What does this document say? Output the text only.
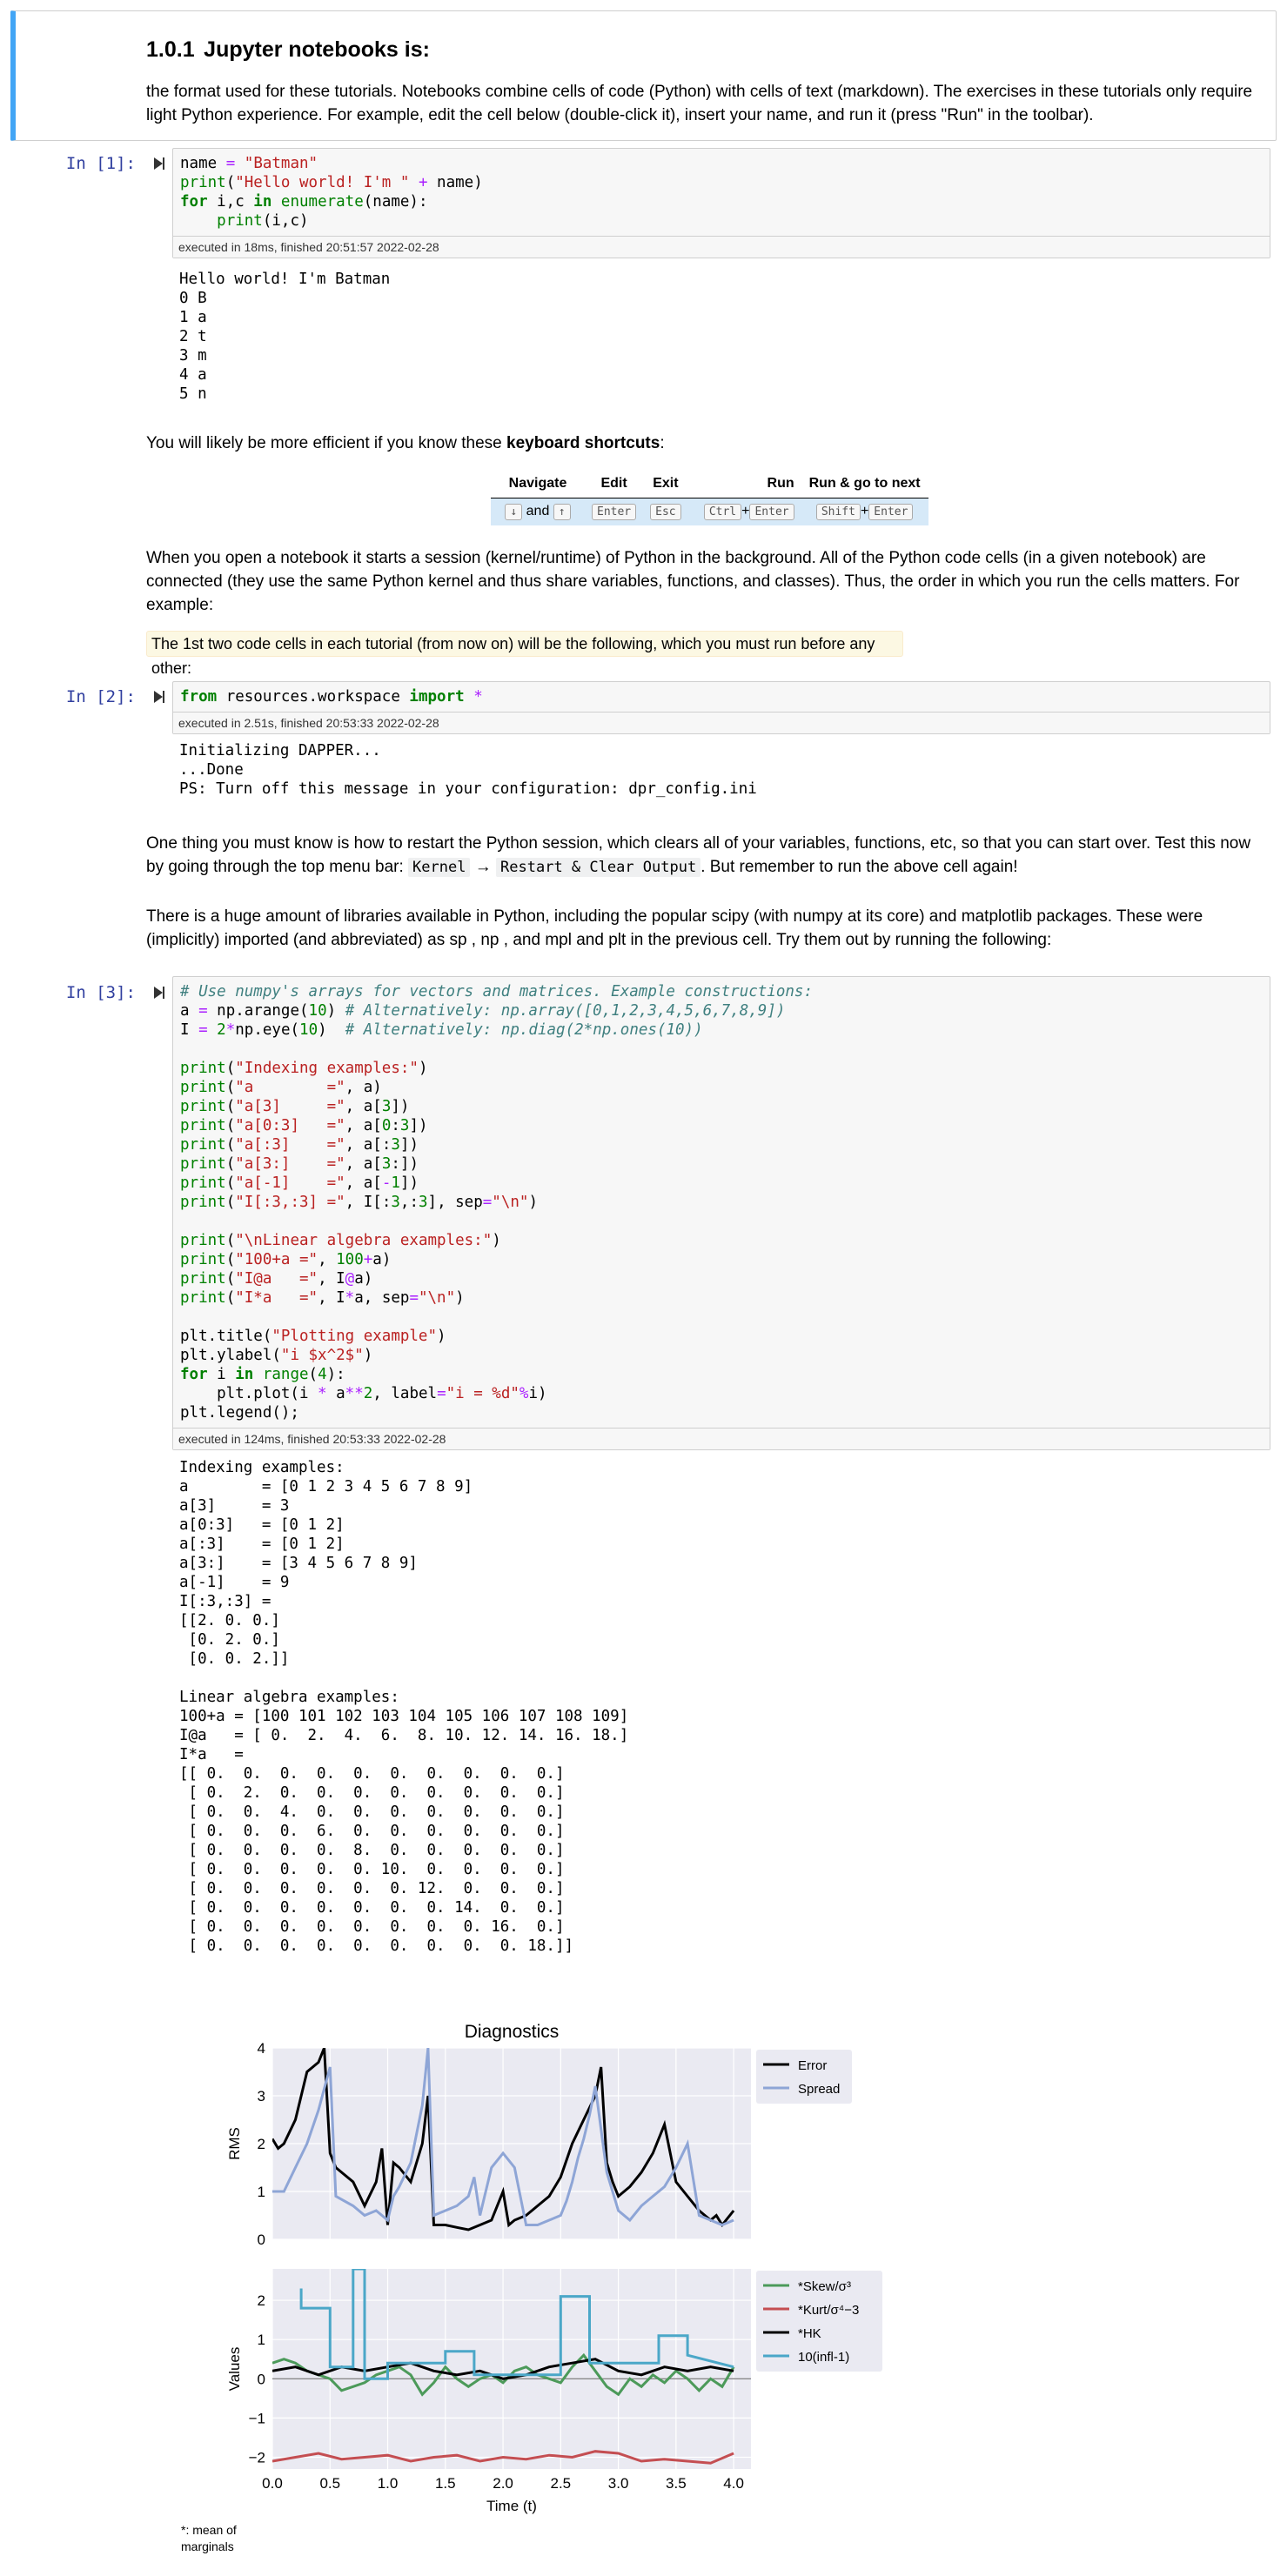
1.0.1 Jupyter notebooks is:
the format used for these tutorials. Notebooks combine cells of code (Python) with cells of text (markdown). The exercises in these tutorials only require
light Python experience. For example, edit the cell below (double-click it), insert your name, and run it (press "Run" in the toolbar).
In [1]:	name = "Batman"
print("Hello world! I'm " + name)
for i,c in enumerate(name):
print(i,c)
executed in 18ms, finished 20:51:57 2022-02-28
Hello world! I'm Batman
0 B
1 a
2 t
3 m
4 a
5 n
You will likely be more efficient if you know these keyboard shortcuts:
Navigate	Edit	Exit	Run	Run & go to next
↓ and ↑	Enter	Esc	Ctrl + Enter	Shift + Enter
When you open a notebook it starts a session (kernel/runtime) of Python in the background. All of the Python code cells (in a given notebook) are
connected (they use the same Python kernel and thus share variables, functions, and classes). Thus, the order in which you run the cells matters. For
example:
The 1st two code cells in each tutorial (from now on) will be the following, which you must run before any other:
In [2]:	from resources.workspace import *
executed in 2.51s, finished 20:53:33 2022-02-28
Initializing DAPPER...
...Done
PS: Turn off this message in your configuration: dpr_config.ini
One thing you must know is how to restart the Python session, which clears all of your variables, functions, etc, so that you can start over. Test this now
by going through the top menu bar: Kernel → Restart & Clear Output . But remember to run the above cell again!
There is a huge amount of libraries available in Python, including the popular scipy (with numpy at its core) and matplotlib packages. These were
(implicitly) imported (and abbreviated) as sp , np , and mpl and plt in the previous cell. Try them out by running the following:
In [3]:	# Use numpy's arrays for vectors and matrices. Example constructions:
a = np.arange(10) # Alternatively: np.array([0,1,2,3,4,5,6,7,8,9])
I = 2*np.eye(10)  # Alternatively: np.diag(2*np.ones(10))

print("Indexing examples:")
print("a        =", a)
print("a[3]     =", a[3])
print("a[0:3]   =", a[0:3])
print("a[:3]    =", a[:3])
print("a[3:]    =", a[3:])
print("a[-1]    =", a[-1])
print("I[:3,:3] =", I[:3,:3], sep="\n")

print("\nLinear algebra examples:")
print("100+a =", 100+a)
print("I@a   =", I@a)
print("I*a   =", I*a, sep="\n")

plt.title("Plotting example")
plt.ylabel("i $x^2$")
for i in range(4):
plt.plot(i * a**2, label="i = %d"%i)
plt.legend();
executed in 124ms, finished 20:53:33 2022-02-28
Indexing examples:
a        = [0 1 2 3 4 5 6 7 8 9]
a[3]     = 3
a[0:3]   = [0 1 2]
a[:3]    = [0 1 2]
a[3:]    = [3 4 5 6 7 8 9]
a[-1]    = 9
I[:3,:3] =
[[2. 0. 0.]
[0. 2. 0.]
[0. 0. 2.]]

Linear algebra examples:
100+a = [100 101 102 103 104 105 106 107 108 109]
I@a   = [ 0.  2.  4.  6.  8. 10. 12. 14. 16. 18.]
I*a   =
[[ 0.  0.  0.  0.  0.  0.  0.  0.  0.  0.]
[ 0.  2.  0.  0.  0.  0.  0.  0.  0.  0.]
[ 0.  0.  4.  0.  0.  0.  0.  0.  0.  0.]
[ 0.  0.  0.  6.  0.  0.  0.  0.  0.  0.]
[ 0.  0.  0.  0.  8.  0.  0.  0.  0.  0.]
[ 0.  0.  0.  0.  0. 10.  0.  0.  0.  0.]
[ 0.  0.  0.  0.  0.  0. 12.  0.  0.  0.]
[ 0.  0.  0.  0.  0.  0.  0. 14.  0.  0.]
[ 0.  0.  0.  0.  0.  0.  0.  0. 16.  0.]
[ 0.  0.  0.  0.  0.  0.  0.  0.  0. 18.]]
0
1
2
3
4
Diagnostics
RMS
Error
Spread
−2
−1
0
1
2
0.0	0.5	1.0	1.5	2.0	2.5	3.0	3.5	4.0
Values
Time (t)
*Skew/σ³
*Kurt/σ⁴−3
*HK
10(infl-1)
*: mean of
marginals
